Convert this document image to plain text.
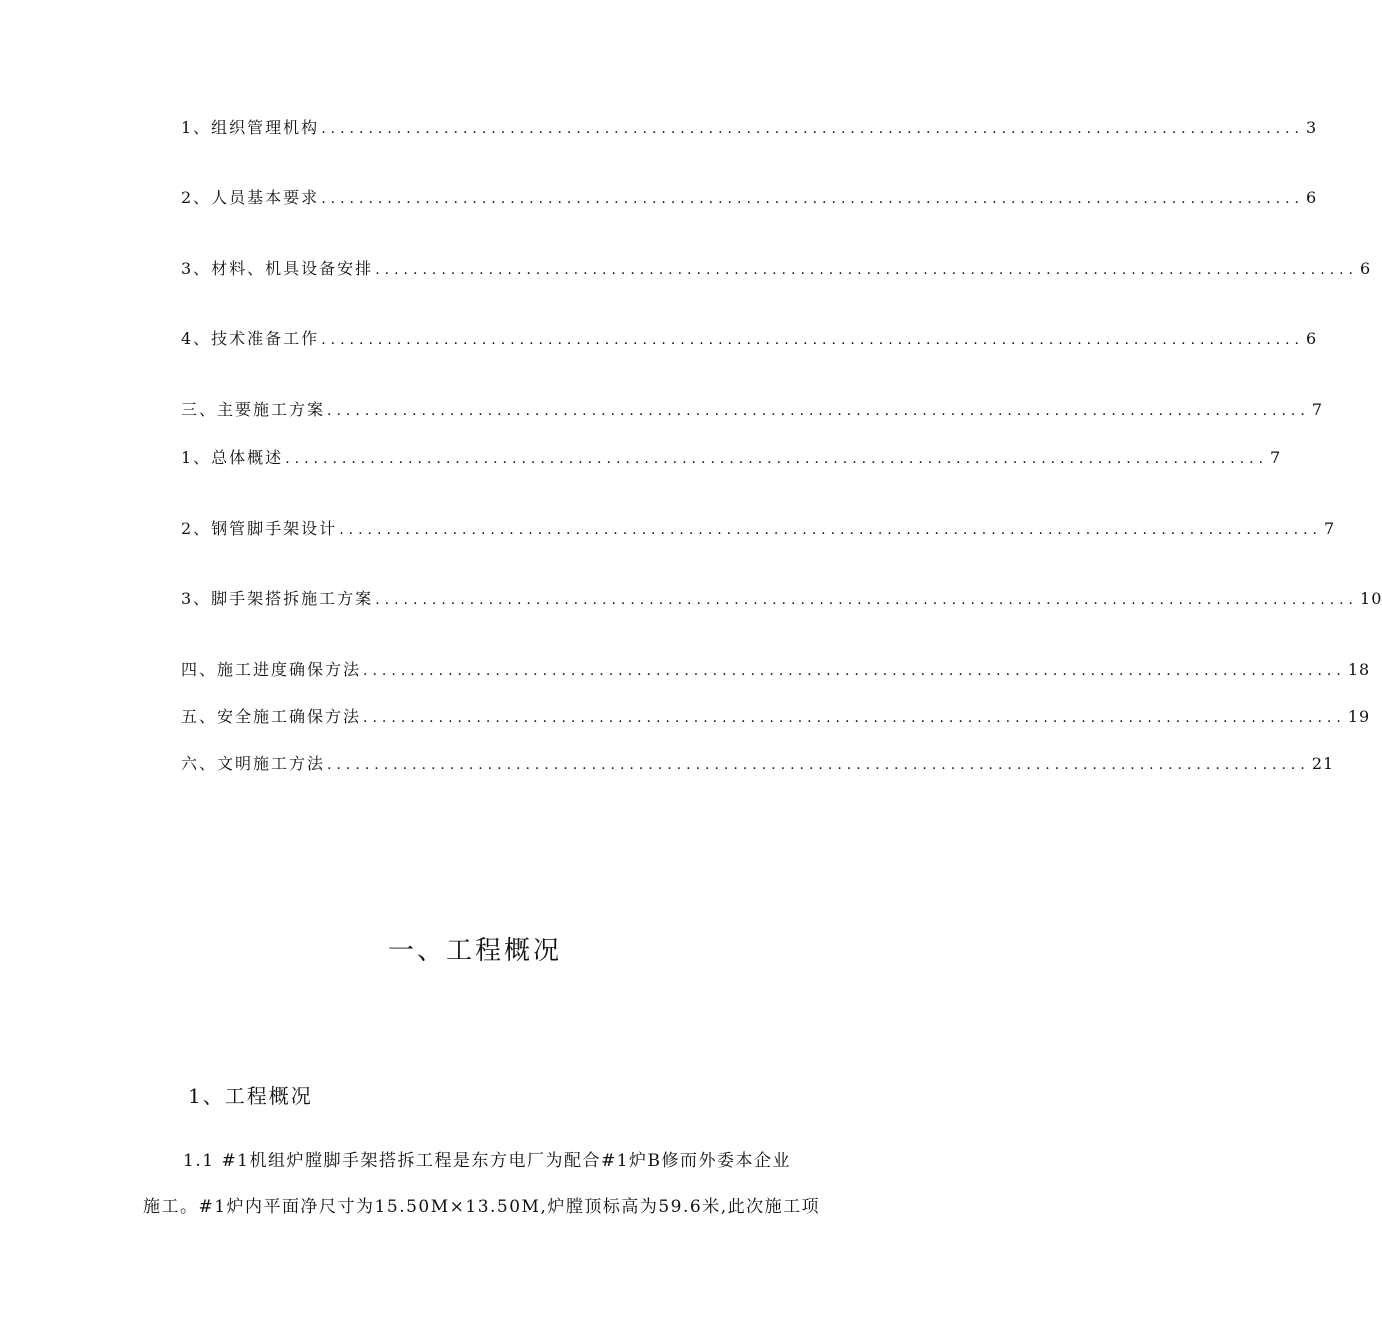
1、组织管理机构 ........................................................................................................ 3
2、人员基本要求 ........................................................................................................ 6
3、材料、机具设备安排 ........................................................................................................ 6
4、技术准备工作 ........................................................................................................ 6
三、主要施工方案 ........................................................................................................ 7
1、总体概述 ........................................................................................................ 7
2、钢管脚手架设计 ........................................................................................................ 7
3、脚手架搭拆施工方案 ........................................................................................................ 10
四、施工进度确保方法 ........................................................................................................ 18
五、安全施工确保方法 ........................................................................................................ 19
六、文明施工方法 ........................................................................................................ 21
一、工程概况
1、工程概况
1.1 #1机组炉膛脚手架搭拆工程是东方电厂为配合#1炉B修而外委本企业
施工。#1炉内平面净尺寸为15.50M×13.50M,炉膛顶标高为59.6米,此次施工项
